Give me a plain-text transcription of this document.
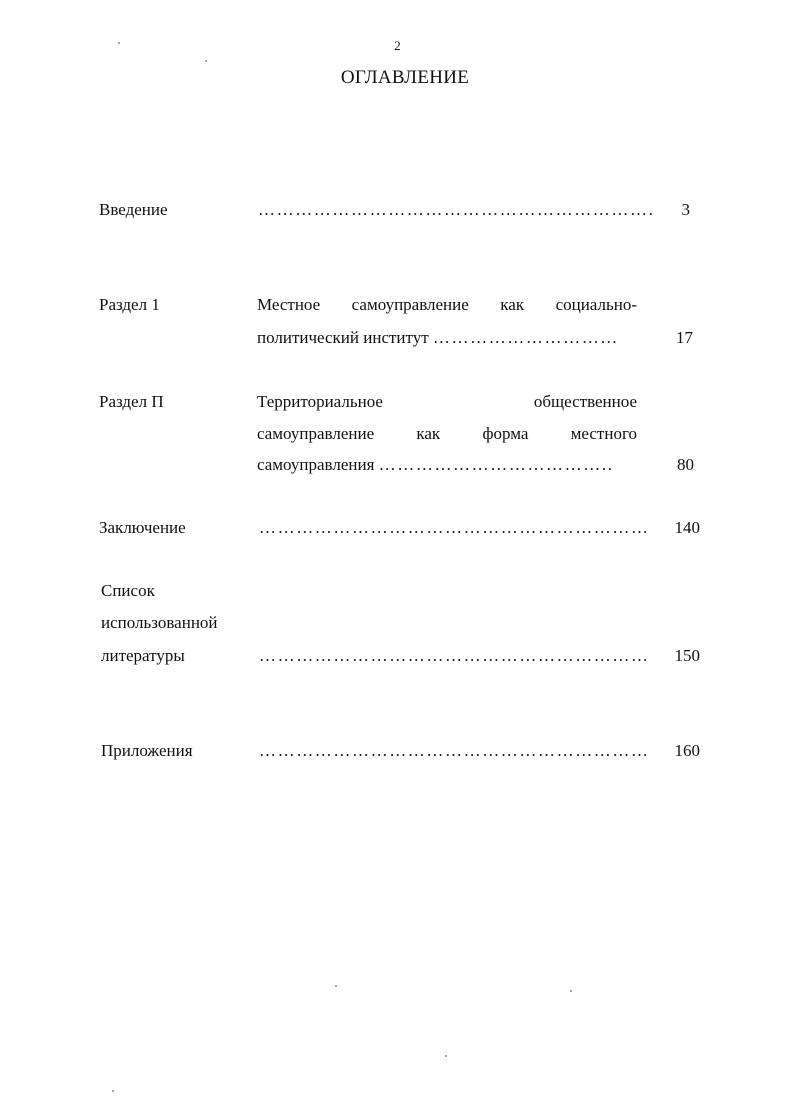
2
ОГЛАВЛЕНИЕ
Введение	……………………………………………………….	3
Раздел 1	Местное самоуправление как социально-
политический институт …………………………	17
Раздел П	Территориальное общественное
самоуправление как форма местного
самоуправления ………………………………..	80
Заключение	………………………………………………………	140
Список
использованной
литературы	………………………………………………………	150
Приложения	………………………………………………………	160
